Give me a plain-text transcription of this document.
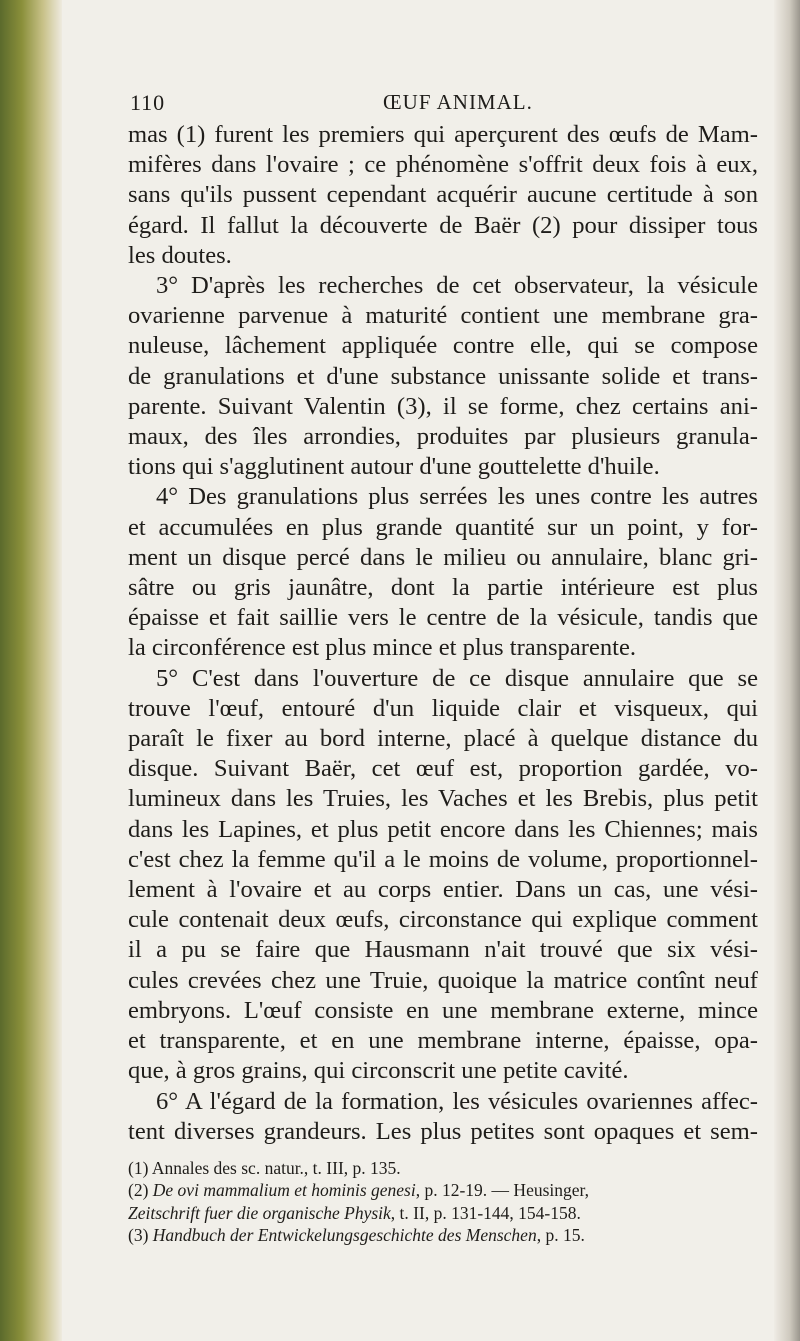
110	ŒUF ANIMAL.

mas (1) furent les premiers qui aperçurent des œufs de Mam-
mifères dans l'ovaire ; ce phénomène s'offrit deux fois à eux,
sans qu'ils pussent cependant acquérir aucune certitude à son
égard. Il fallut la découverte de Baër (2) pour dissiper tous
les doutes.
3° D'après les recherches de cet observateur, la vésicule
ovarienne parvenue à maturité contient une membrane gra-
nuleuse, lâchement appliquée contre elle, qui se compose
de granulations et d'une substance unissante solide et trans-
parente. Suivant Valentin (3), il se forme, chez certains ani-
maux, des îles arrondies, produites par plusieurs granula-
tions qui s'agglutinent autour d'une gouttelette d'huile.
4° Des granulations plus serrées les unes contre les autres
et accumulées en plus grande quantité sur un point, y for-
ment un disque percé dans le milieu ou annulaire, blanc gri-
sâtre ou gris jaunâtre, dont la partie intérieure est plus
épaisse et fait saillie vers le centre de la vésicule, tandis que
la circonférence est plus mince et plus transparente.
5° C'est dans l'ouverture de ce disque annulaire que se
trouve l'œuf, entouré d'un liquide clair et visqueux, qui
paraît le fixer au bord interne, placé à quelque distance du
disque. Suivant Baër, cet œuf est, proportion gardée, vo-
lumineux dans les Truies, les Vaches et les Brebis, plus petit
dans les Lapines, et plus petit encore dans les Chiennes; mais
c'est chez la femme qu'il a le moins de volume, proportionnel-
lement à l'ovaire et au corps entier. Dans un cas, une vési-
cule contenait deux œufs, circonstance qui explique comment
il a pu se faire que Hausmann n'ait trouvé que six vési-
cules crevées chez une Truie, quoique la matrice contînt neuf
embryons. L'œuf consiste en une membrane externe, mince
et transparente, et en une membrane interne, épaisse, opa-
que, à gros grains, qui circonscrit une petite cavité.
6° A l'égard de la formation, les vésicules ovariennes affec-
tent diverses grandeurs. Les plus petites sont opaques et sem-

(1) Annales des sc. natur., t. III, p. 135.
(2) De ovi mammalium et hominis genesi, p. 12-19. — Heusinger,
Zeitschrift fuer die organische Physik, t. II, p. 131-144, 154-158.
(3) Handbuch der Entwickelungsgeschichte des Menschen, p. 15.
